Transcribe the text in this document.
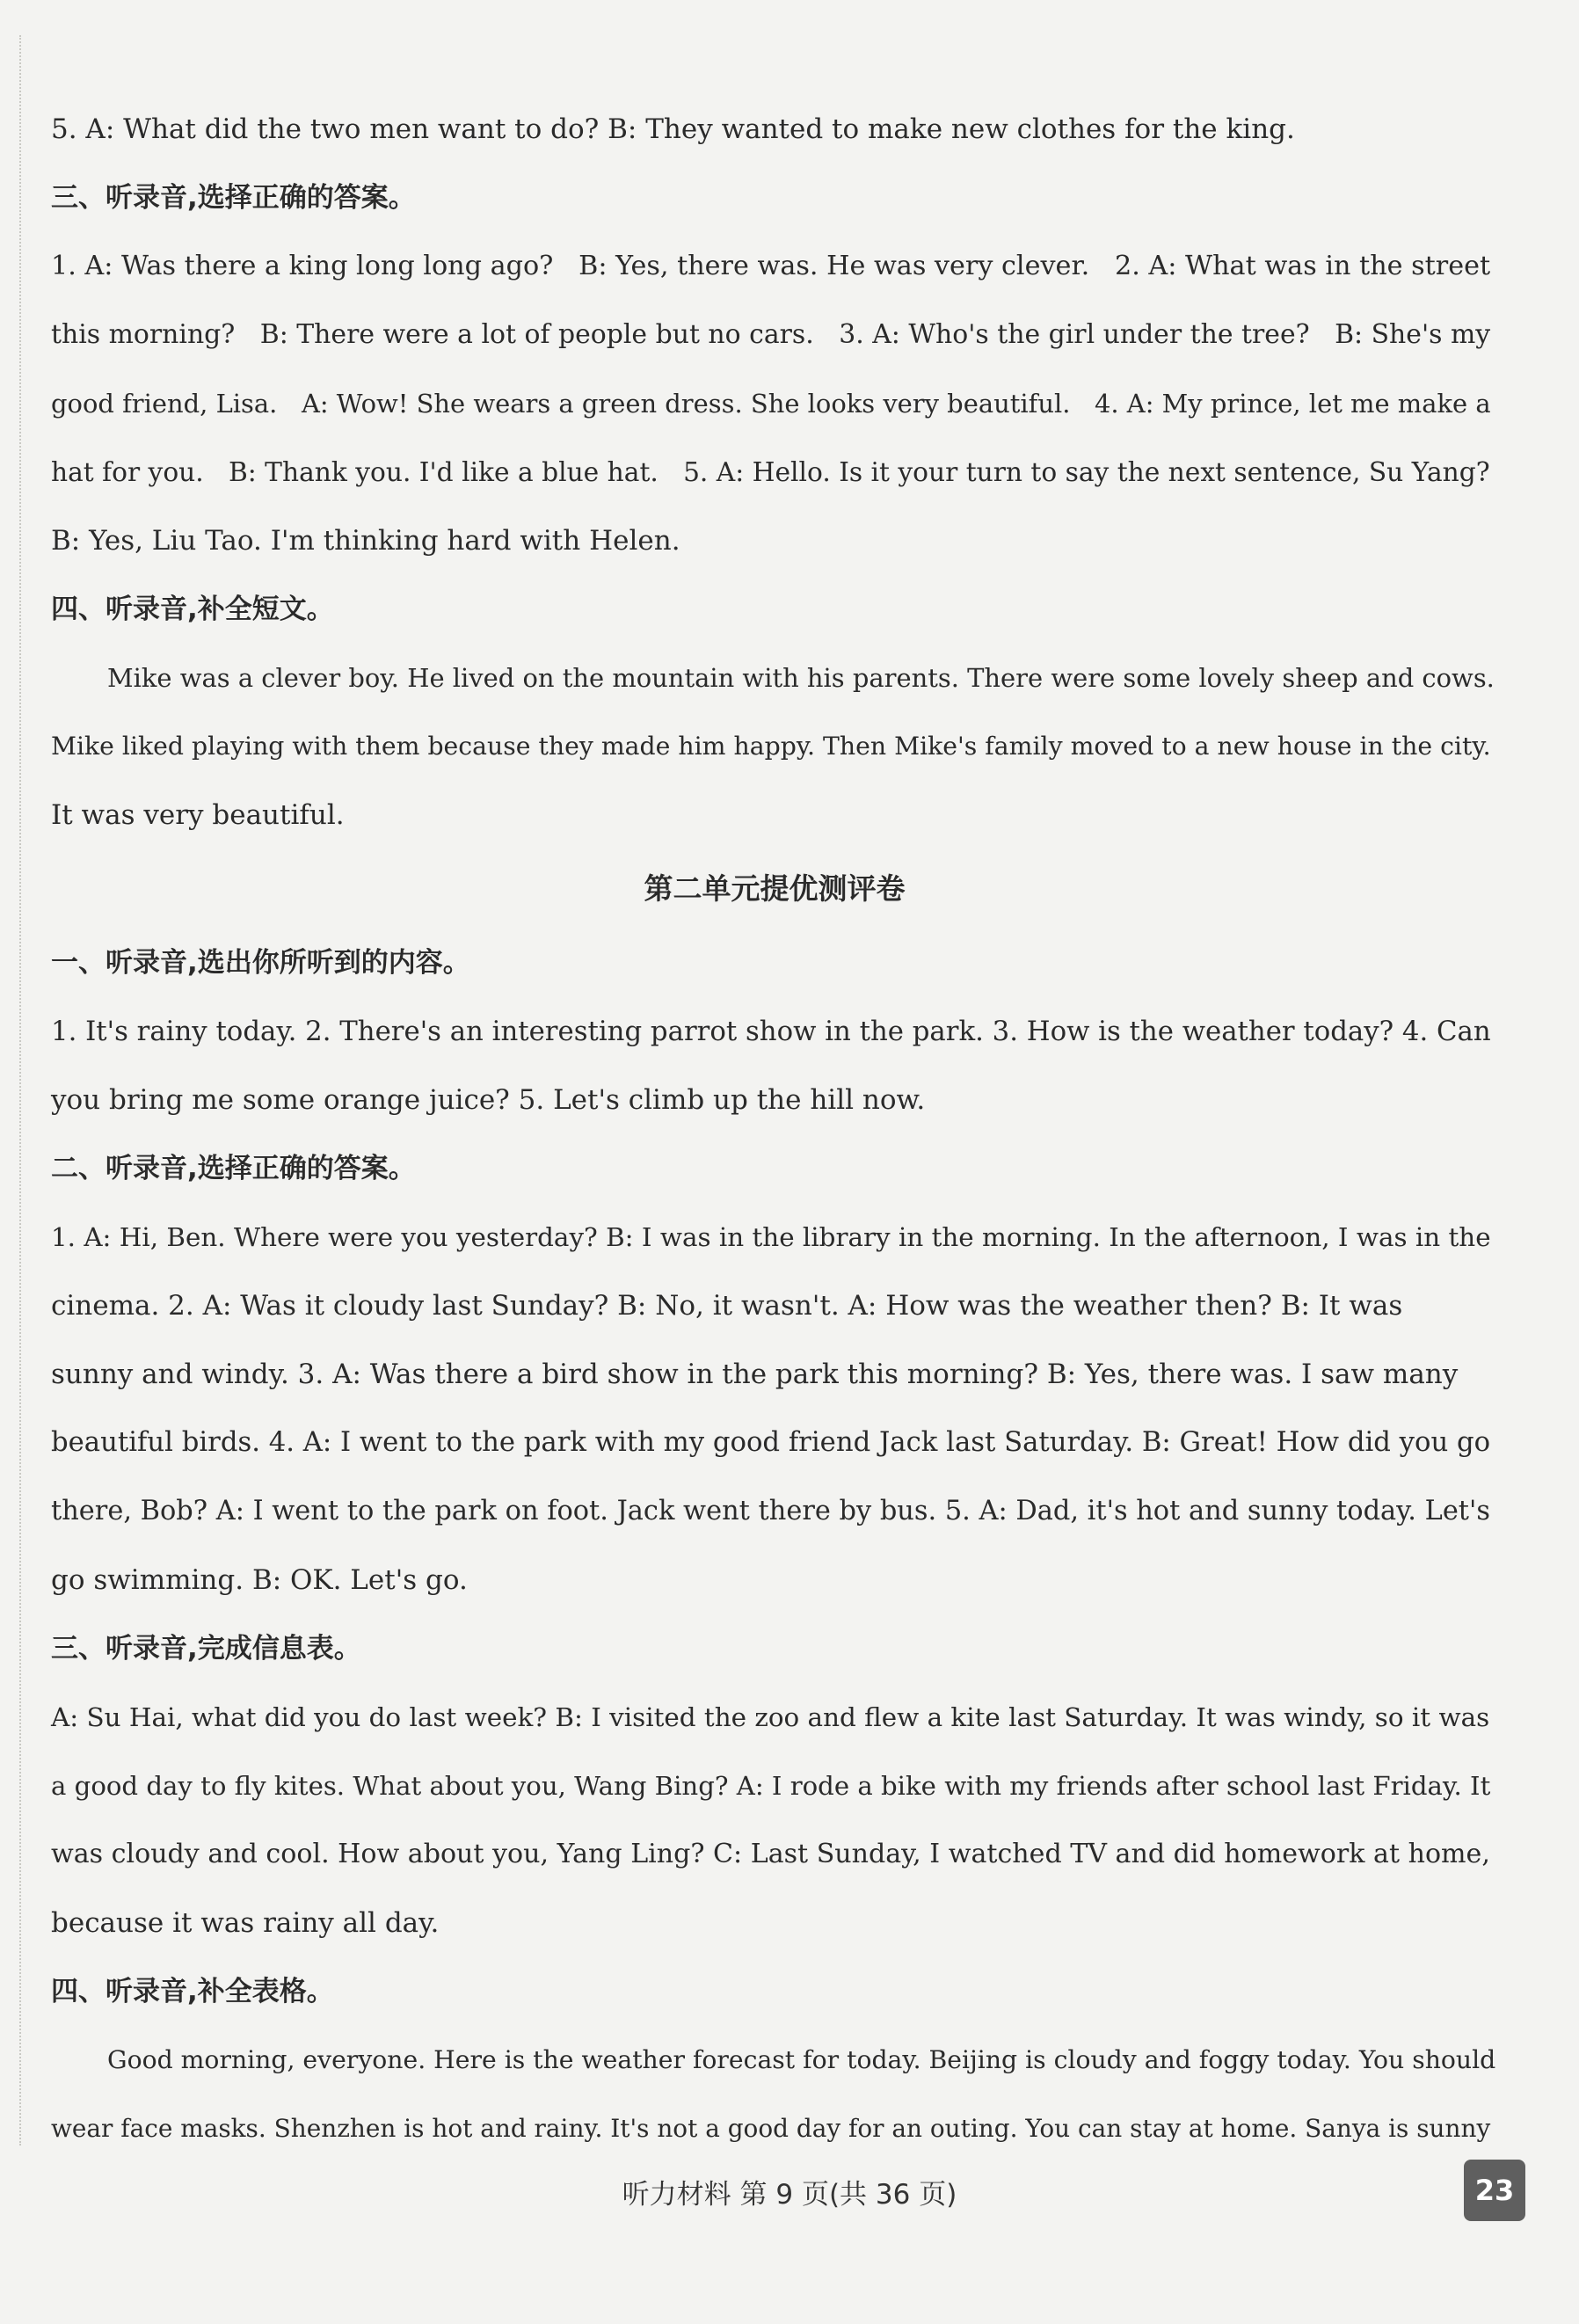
5. A: What did the two men want to do? B: They wanted to make new clothes for the king.

三、听录音,选择正确的答案。

1. A: Was there a king long long ago?   B: Yes, there was. He was very clever.   2. A: What was in the street

this morning?   B: There were a lot of people but no cars.   3. A: Who's the girl under the tree?   B: She's my

good friend, Lisa.   A: Wow! She wears a green dress. She looks very beautiful.   4. A: My prince, let me make a

hat for you.   B: Thank you. I'd like a blue hat.   5. A: Hello. Is it your turn to say the next sentence, Su Yang?

B: Yes, Liu Tao. I'm thinking hard with Helen.

四、听录音,补全短文。

Mike was a clever boy. He lived on the mountain with his parents. There were some lovely sheep and cows.

Mike liked playing with them because they made him happy. Then Mike's family moved to a new house in the city.

It was very beautiful.

第二单元提优测评卷

一、听录音,选出你所听到的内容。

1. It's rainy today. 2. There's an interesting parrot show in the park. 3. How is the weather today? 4. Can

you bring me some orange juice? 5. Let's climb up the hill now.

二、听录音,选择正确的答案。

1. A: Hi, Ben. Where were you yesterday? B: I was in the library in the morning. In the afternoon, I was in the

cinema. 2. A: Was it cloudy last Sunday? B: No, it wasn't. A: How was the weather then? B: It was

sunny and windy. 3. A: Was there a bird show in the park this morning? B: Yes, there was. I saw many

beautiful birds. 4. A: I went to the park with my good friend Jack last Saturday. B: Great! How did you go

there, Bob? A: I went to the park on foot. Jack went there by bus. 5. A: Dad, it's hot and sunny today. Let's

go swimming. B: OK. Let's go.

三、听录音,完成信息表。

A: Su Hai, what did you do last week? B: I visited the zoo and flew a kite last Saturday. It was windy, so it was

a good day to fly kites. What about you, Wang Bing? A: I rode a bike with my friends after school last Friday. It

was cloudy and cool. How about you, Yang Ling? C: Last Sunday, I watched TV and did homework at home,

because it was rainy all day.

四、听录音,补全表格。

Good morning, everyone. Here is the weather forecast for today. Beijing is cloudy and foggy today. You should

wear face masks. Shenzhen is hot and rainy. It's not a good day for an outing. You can stay at home. Sanya is sunny

听力材料 第 9 页(共 36 页)	23
